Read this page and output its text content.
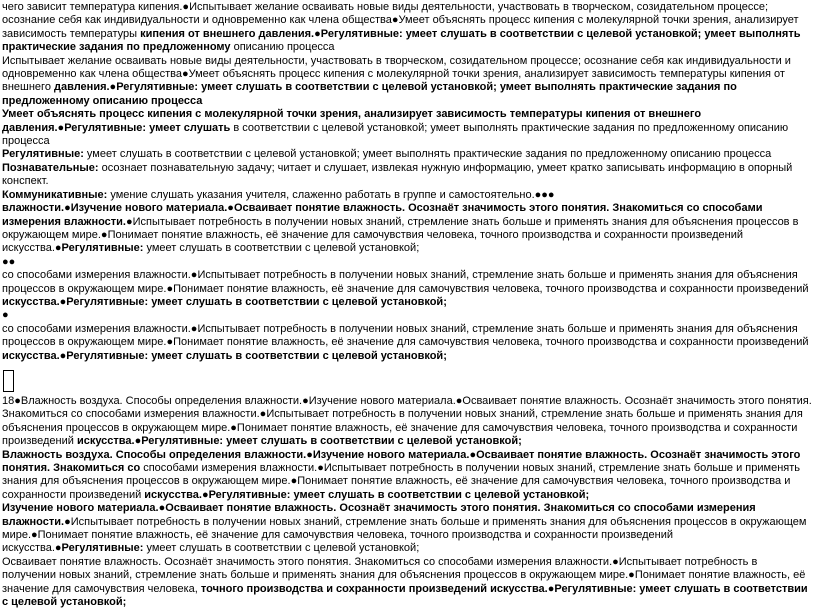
чего зависит температура кипения.●Испытывает желание осваивать новые виды деятельности, участвовать в творческом, созидательном процессе; осознание себя как индивидуальности и одновременно как члена общества●Умеет объяснять процесс кипения с молекулярной точки зрения, анализирует зависимость температуры кипения от внешнего давления.●Регулятивные: умеет слушать в соответствии с целевой установкой; умеет выполнять практические задания по предложенному описанию процесса

Испытывает желание осваивать новые виды деятельности, участвовать в творческом, созидательном процессе; осознание себя как индивидуальности и одновременно как члена общества●Умеет объяснять процесс кипения с молекулярной точки зрения, анализирует зависимость температуры кипения от внешнего давления.●Регулятивные: умеет слушать в соответствии с целевой установкой; умеет выполнять практические задания по предложенному описанию процесса

Умеет объяснять процесс кипения с молекулярной точки зрения, анализирует зависимость температуры кипения от внешнего давления.●Регулятивные: умеет слушать в соответствии с целевой установкой; умеет выполнять практические задания по предложенному описанию процесса

Регулятивные: умеет слушать в соответствии с целевой установкой; умеет выполнять практические задания по предложенному описанию процесса

Познавательные: осознает познавательную задачу; читает и слушает, извлекая нужную информацию, умеет кратко записывать информацию в опорный конспект.

Коммуникативные: умение слушать указания учителя, слаженно работать в группе и самостоятельно.●●●

влажности.●Изучение нового материала.●Осваивает понятие влажность. Осознаёт значимость этого понятия. Знакомиться со способами измерения влажности.●Испытывает потребность в получении новых знаний, стремление знать больше и применять знания для объяснения процессов в окружающем мире.●Понимает понятие влажность, её значение для самочувствия человека, точного производства и сохранности произведений искусства.●Регулятивные: умеет слушать в соответствии с целевой установкой;

●●

со способами измерения влажности.●Испытывает потребность в получении новых знаний, стремление знать больше и применять знания для объяснения процессов в окружающем мире.●Понимает понятие влажность, её значение для самочувствия человека, точного производства и сохранности произведений искусства.●Регулятивные: умеет слушать в соответствии с целевой установкой;

●

со способами измерения влажности.●Испытывает потребность в получении новых знаний, стремление знать больше и применять знания для объяснения процессов в окружающем мире.●Понимает понятие влажность, её значение для самочувствия человека, точного производства и сохранности произведений искусства.●Регулятивные: умеет слушать в соответствии с целевой установкой;

18●Влажность воздуха. Способы определения влажности.●Изучение нового материала.●Осваивает понятие влажность. Осознаёт значимость этого понятия. Знакомиться со способами измерения влажности.●Испытывает потребность в получении новых знаний, стремление знать больше и применять знания для объяснения процессов в окружающем мире.●Понимает понятие влажность, её значение для самочувствия человека, точного производства и сохранности произведений искусства.●Регулятивные: умеет слушать в соответствии с целевой установкой;

Влажность воздуха. Способы определения влажности.●Изучение нового материала.●Осваивает понятие влажность. Осознаёт значимость этого понятия. Знакомиться со способами измерения влажности.●Испытывает потребность в получении новых знаний, стремление знать больше и применять знания для объяснения процессов в окружающем мире.●Понимает понятие влажность, её значение для самочувствия человека, точного производства и сохранности произведений искусства.●Регулятивные: умеет слушать в соответствии с целевой установкой;

Изучение нового материала.●Осваивает понятие влажность. Осознаёт значимость этого понятия. Знакомиться со способами измерения влажности.●Испытывает потребность в получении новых знаний, стремление знать больше и применять знания для объяснения процессов в окружающем мире.●Понимает понятие влажность, её значение для самочувствия человека, точного производства и сохранности произведений искусства.●Регулятивные: умеет слушать в соответствии с целевой установкой;

Осваивает понятие влажность. Осознаёт значимость этого понятия. Знакомиться со способами измерения влажности.●Испытывает потребность в получении новых знаний, стремление знать больше и применять знания для объяснения процессов в окружающем мире.●Понимает понятие влажность, её значение для самочувствия человека, точного производства и сохранности произведений искусства.●Регулятивные: умеет слушать в соответствии с целевой установкой;
